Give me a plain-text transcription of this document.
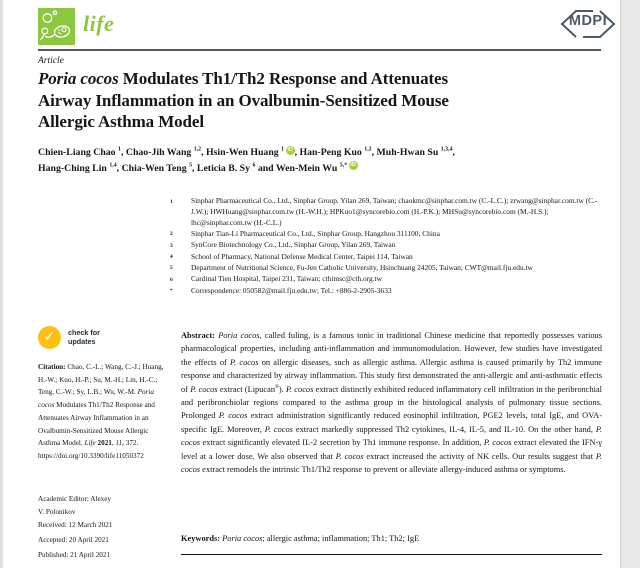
life	MDPI
Article
Poria cocos Modulates Th1/Th2 Response and Attenuates
Airway Inflammation in an Ovalbumin-Sensitized Mouse
Allergic Asthma Model
Chien-Liang Chao $^1$, Chao-Jih Wang $^{1,2}$, Hsin-Wen Huang $^1$ iD , Han-Peng Kuo $^{1,3}$, Muh-Hwan Su $^{1,3,4}$,
Hang-Ching Lin $^{1,4}$, Chia-Wen Teng $^5$, Leticia B. Sy $^6$ and Wen-Mein Wu $^{5,*}$ iD
1	Sinphar Pharmaceutical Co., Ltd., Sinphar Group, Yilan 269, Taiwan; chaokmc@sinphar.com.tw (C.-L.C.); zrwang@sinphar.com.tw (C.-J.W.); HWHuang@sinphar.com.tw (H.-W.H.); HPKuo1@syncorebio.com (H.-P.K.); MHSu@syncorebio.com (M.-H.S.); lhc@sinphar.com.tw (H.-C.L.)
2	Sinphar Tian-Li Pharmaceutical Co., Ltd., Sinphar Group, Hangzhou 311100, China
3	SynCore Biotechnology Co., Ltd., Sinphar Group, Yilan 269, Taiwan
4	School of Pharmacy, National Defense Medical Center, Taipei 114, Taiwan
5	Department of Nutritional Science, Fu-Jen Catholic University, Hsinchuang 24205, Taiwan; CWT@mail.fju.edu.tw
6	Cardinal Tien Hospital, Taipei 231, Taiwan; cthimsc@cth.org.tw
*	Correspondence: 050582@mail.fju.edu.tw; Tel.: +886-2-2905-3633
✓	check for
updates
Citation: Chao, C.-L.; Wang, C.-J.; Huang, H.-W.; Kuo, H.-P.; Su, M.-H.; Lin, H.-C.; Teng, C.-W.; Sy, L.B.; Wu, W.-M. Poria cocos Modulates Th1/Th2 Response and Attenuates Airway Inflammation in an Ovalbumin-Sensitized Mouse Allergic Asthma Model. Life 2021, 11, 372. https://doi.org/10.3390/life11050372
Academic Editor: Alexey
V. Polonikov
Received: 12 March 2021
Accepted: 20 April 2021
Published: 21 April 2021
Abstract: Poria cocos, called fuling, is a famous tonic in traditional Chinese medicine that reportedly possesses various pharmacological properties, including anti-inflammation and immunomodulation. However, few studies have investigated the effects of P. cocos on allergic diseases, such as allergic asthma. Allergic asthma is caused primarily by Th2 immune response and characterized by airway inflammation. This study first demonstrated the anti-allergic and anti-asthmatic effects of P. cocos extract (Lipucan®). P. cocos extract distinctly exhibited reduced inflammatory cell infiltration in the peribronchial and peribronchiolar regions compared to the asthma group in the histological analysis of pulmonary tissue sections. Prolonged P. cocos extract administration significantly reduced eosinophil infiltration, PGE2 levels, total IgE, and OVA-specific IgE. Moreover, P. cocos extract markedly suppressed Th2 cytokines, IL-4, IL-5, and IL-10. On the other hand, P. cocos extract significantly elevated IL-2 secretion by Th1 immune response. In addition, P. cocos extract elevated the IFN-γ level at a lower dose. We also observed that P. cocos extract increased the activity of NK cells. Our results suggest that P. cocos extract remodels the intrinsic Th1/Th2 response to prevent or alleviate allergy-induced asthma or symptoms.
Keywords: Poria cocos; allergic asthma; inflammation; Th1; Th2; IgE
